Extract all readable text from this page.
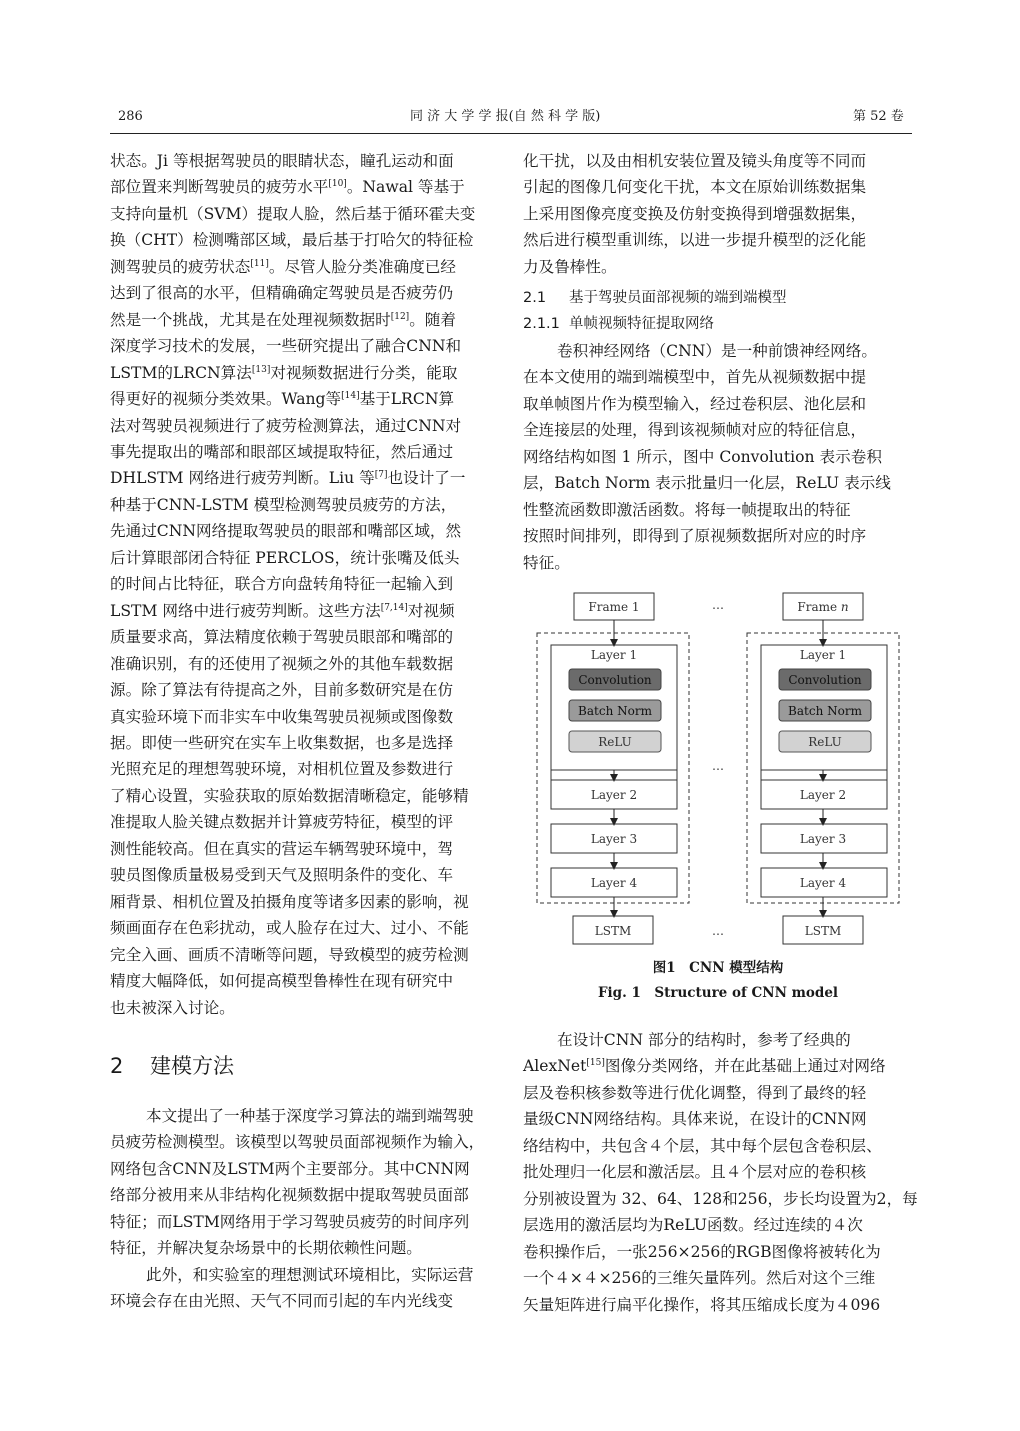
286	同 济 大 学 学 报(自 然 科 学 版)	第 52 卷
状态。Ji 等根据驾驶员的眼睛状态，瞳孔运动和面
部位置来判断驾驶员的疲劳水平[10]。Nawal 等基于
支持向量机（SVM）提取人脸，然后基于循环霍夫变
换（CHT）检测嘴部区域，最后基于打哈欠的特征检
测驾驶员的疲劳状态[11]。尽管人脸分类准确度已经
达到了很高的水平，但精确确定驾驶员是否疲劳仍
然是一个挑战，尤其是在处理视频数据时[12]。随着
深度学习技术的发展，一些研究提出了融合CNN和
LSTM的LRCN算法[13]对视频数据进行分类，能取
得更好的视频分类效果。Wang等[14]基于LRCN算
法对驾驶员视频进行了疲劳检测算法，通过CNN对
事先提取出的嘴部和眼部区域提取特征，然后通过
DHLSTM 网络进行疲劳判断。Liu 等[7]也设计了一
种基于CNN-LSTM 模型检测驾驶员疲劳的方法，
先通过CNN网络提取驾驶员的眼部和嘴部区域，然
后计算眼部闭合特征 PERCLOS，统计张嘴及低头
的时间占比特征，联合方向盘转角特征一起输入到
LSTM 网络中进行疲劳判断。这些方法[7,14]对视频
质量要求高，算法精度依赖于驾驶员眼部和嘴部的
准确识别，有的还使用了视频之外的其他车载数据
源。除了算法有待提高之外，目前多数研究是在仿
真实验环境下而非实车中收集驾驶员视频或图像数
据。即使一些研究在实车上收集数据，也多是选择
光照充足的理想驾驶环境，对相机位置及参数进行
了精心设置，实验获取的原始数据清晰稳定，能够精
准提取人脸关键点数据并计算疲劳特征，模型的评
测性能较高。但在真实的营运车辆驾驶环境中，驾
驶员图像质量极易受到天气及照明条件的变化、车
厢背景、相机位置及拍摄角度等诸多因素的影响，视
频画面存在色彩扰动，或人脸存在过大、过小、不能
完全入画、画质不清晰等问题，导致模型的疲劳检测
精度大幅降低，如何提高模型鲁棒性在现有研究中
也未被深入讨论。
2 建模方法
本文提出了一种基于深度学习算法的端到端驾驶
员疲劳检测模型。该模型以驾驶员面部视频作为输入，
网络包含CNN及LSTM两个主要部分。其中CNN网
络部分被用来从非结构化视频数据中提取驾驶员面部
特征；而LSTM网络用于学习驾驶员疲劳的时间序列
特征，并解决复杂场景中的长期依赖性问题。
此外，和实验室的理想测试环境相比，实际运营
环境会存在由光照、天气不同而引起的车内光线变
化干扰，以及由相机安装位置及镜头角度等不同而
引起的图像几何变化干扰，本文在原始训练数据集
上采用图像亮度变换及仿射变换得到增强数据集，
然后进行模型重训练，以进一步提升模型的泛化能
力及鲁棒性。
2.1 基于驾驶员面部视频的端到端模型
2.1.1 单帧视频特征提取网络
卷积神经网络（CNN）是一种前馈神经网络。
在本文使用的端到端模型中，首先从视频数据中提
取单帧图片作为模型输入，经过卷积层、池化层和
全连接层的处理，得到该视频帧对应的特征信息，
网络结构如图 1 所示，图中 Convolution 表示卷积
层，Batch Norm 表示批量归一化层，ReLU 表示线
性整流函数即激活函数。将每一帧提取出的特征
按照时间排列，即得到了原视频数据所对应的时序
特征。
Frame 1	Frame n
Layer 1	Layer 1
Convolution
Batch Norm
ReLU
Convolution
Batch Norm
ReLU
Layer 2
Layer 3
Layer 4
Layer 2
Layer 3
Layer 4
LSTM	LSTM
…
…
…
图1　CNN 模型结构
Fig. 1　Structure of CNN model
在设计CNN 部分的结构时，参考了经典的
AlexNet[15]图像分类网络，并在此基础上通过对网络
层及卷积核参数等进行优化调整，得到了最终的轻
量级CNN网络结构。具体来说，在设计的CNN网
络结构中，共包含４个层，其中每个层包含卷积层、
批处理归一化层和激活层。且４个层对应的卷积核
分别被设置为 32、64、128和256，步长均设置为2，每
层选用的激活层均为ReLU函数。经过连续的４次
卷积操作后，一张256×256的RGB图像将被转化为
一个４×４×256的三维矢量阵列。然后对这个三维
矢量矩阵进行扁平化操作，将其压缩成长度为４096
